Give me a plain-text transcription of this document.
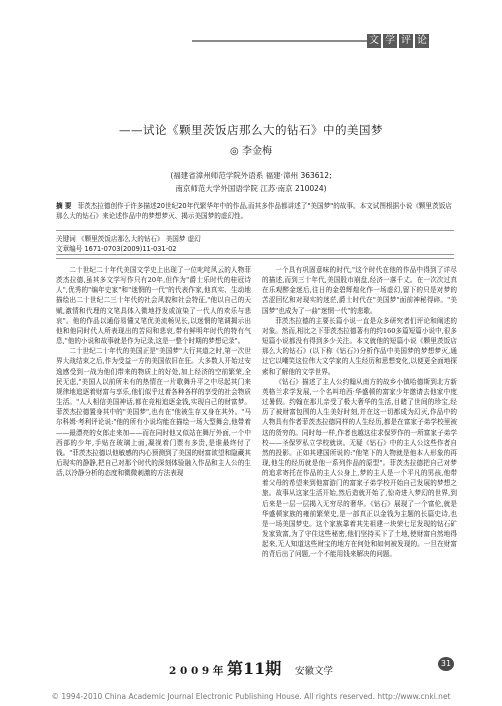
文 学 评 论
——试论《颗里茨饭店那么大的钻石》中的美国梦
◎ 李金梅
(福建省漳州师范学院外语系 福建·漳州 363612;
南京师范大学外国语学院 江苏·南京 210024)
摘 要 菲茨杰拉德创作于许多描述20世纪20年代繁华年中的作品,而其多作品都讲述了"美国梦"的故事。本文试图根据小说《颗里茨饭店那么大的钻石》来论述作品中的梦想梦灭、揭示美国梦的虚幻性。
关键词 《颗里茨饭店那么大的钻石》 美国梦 虚幻
文章编号 1671-0703(2009)11-031-02

二十世纪二十年代美国文学史上出现了一位叱咤风云的人物菲茨杰拉德,虽其多文学写作只有20年,但作为"爵士乐时代的桂冠诗人",优秀的"编年史家"和"迷惘的一代"的代表作家,他真实、生动地描绘出二十世纪二三十年代的社会风貌和社会特征,"他以自己的天赋,激情和代理的文笔具体入微地抒发或渲染了一代人的欢乐与悲哀"。他的作品以通俗易懂又笔优美流畅见长,以迷惘的笔调揭示出他和他同时代人所表现出的苦闷和悲哀,带有鲜明年时代的特有气息,"他的小说和故事就是作为记录,这是一整个时期的梦想记录"。

二十世纪二十年代的美国正是"美国梦"大行其道之时,第一次世界大战结束之后,作为受益一方的美国依旧在狂。大多数人开始过安逸感受到一战为他们带来的物质上的好处,加上经济的空前繁荣,全民无虑,"美国人以前所未有的热情在一片歌舞升平之中尽起其门来规律地追逐着财富与享乐,他们似乎过着各种各样的享受的社会物质生活。"人人相信美国神话,都在竞相追逐金钱,实现自己的财富梦。菲茨杰拉德置身其中的"美国梦",也有在"他被生存又身在其外。"马尔科姆·考利评论说:"他的所有小说均能在描绘一场大型舞会,他带着——最漂亮的女郎走来加——而在同时他又似站在舞厅外面,一个中西部的少年,手贴在玻璃上面,凝视着门票有多贵,是谁最终付了钱。"菲茨杰拉德以他敏感的内心预测到了美国的财富欲望和隐藏其后现实的静静,把自己对那个时代的深刻体验融入作品和主人公的生活,以冷静分析的态度和微微刺激的方法表现

一个具有巩固意味的时代,"这个时代在他的作品中得到了详尽的描述,而到三十年代,美国股市崩盘,经济一落千丈。在一次次过真在乐观醉金迷后,往日的金碧辉煌化作一场虚幻,留下的只是对梦的苦涩回忆和对现实的迷茫,爵士时代在"美国梦"面前神秘得碎。"美国梦"也成为了一曲"迷惘一代"的悲歌。

菲茨杰拉德的主要长篇小说一直是众多研究者们评论和阐述的对象。然而,相比之下菲茨杰拉德著有的约160多篇短篇小说中,很多短篇小说都没有得到多少关注。本文就他的短篇小说《颗里茨饭店那么大的钻石》(以下称《钻石》)分析作品中美国梦的梦想梦灭,通过它以嘲笑这位伟大文学家的人生经历和思想变化,以便更全面地探索和了解他的文学世界。

《钻石》描述了主人公约翰从南方的故乡小镇哈德斯到北方新英格兰求学发展,一个名叫珀西·华盛顿的富家少年邀请去他家中度过暑假。约翰在那儿亲受了极大奢华的生活,目睹了世间的珍宝,经历了被财富包围的人生美好时刻,并在这一切都成为幻灭,作品中的人物具有作者菲茨杰拉德同样的人生经历,都是在富家子弟学校里被这的货穷的。同时每一样,作者也越这往求保罗作的一所富家子弟学校——圣保罗私立学校就读。无疑《钻石》中的主人公这些作者自然的投影。正如其建国所说的:"他笔下的人物就是他本人形象的再现,他生的经历就是他一系列作品的原型"。菲茨杰拉德把自己对梦的追求寄托在作品的主人公身上,梦的主人是一个平凡的男孩,他带着父母的希望来到他富游门的富家子弟学校开始自己发展的梦想之旅。故事从这家生活开始,然后造就开始了,惊奇进入梦幻的世界,到后来是一层一层揭入无穷尽的奢华。《钻石》展现了一个富伦,就是华盛顿家族的雍前繁荣史,是一部真正以金钱为主题的长篇史诗,也是一场美国梦史。这个家族靠着其先祖建一块荣七足发现的钻石矿发家致富,为了守住这些秘密,他们坚持买下了土地,使财富自然地得起来,无人知道这些财宝的地方在何处和如何被发现的。一旦在财富的背后出了问题,一个不能用钱来解决的问题。

2 0 0 9 年 第11期 安徽文学
31
© 1994-2010 China Academic Journal Electronic Publishing House. All rights reserved. http://www.cnki.net
